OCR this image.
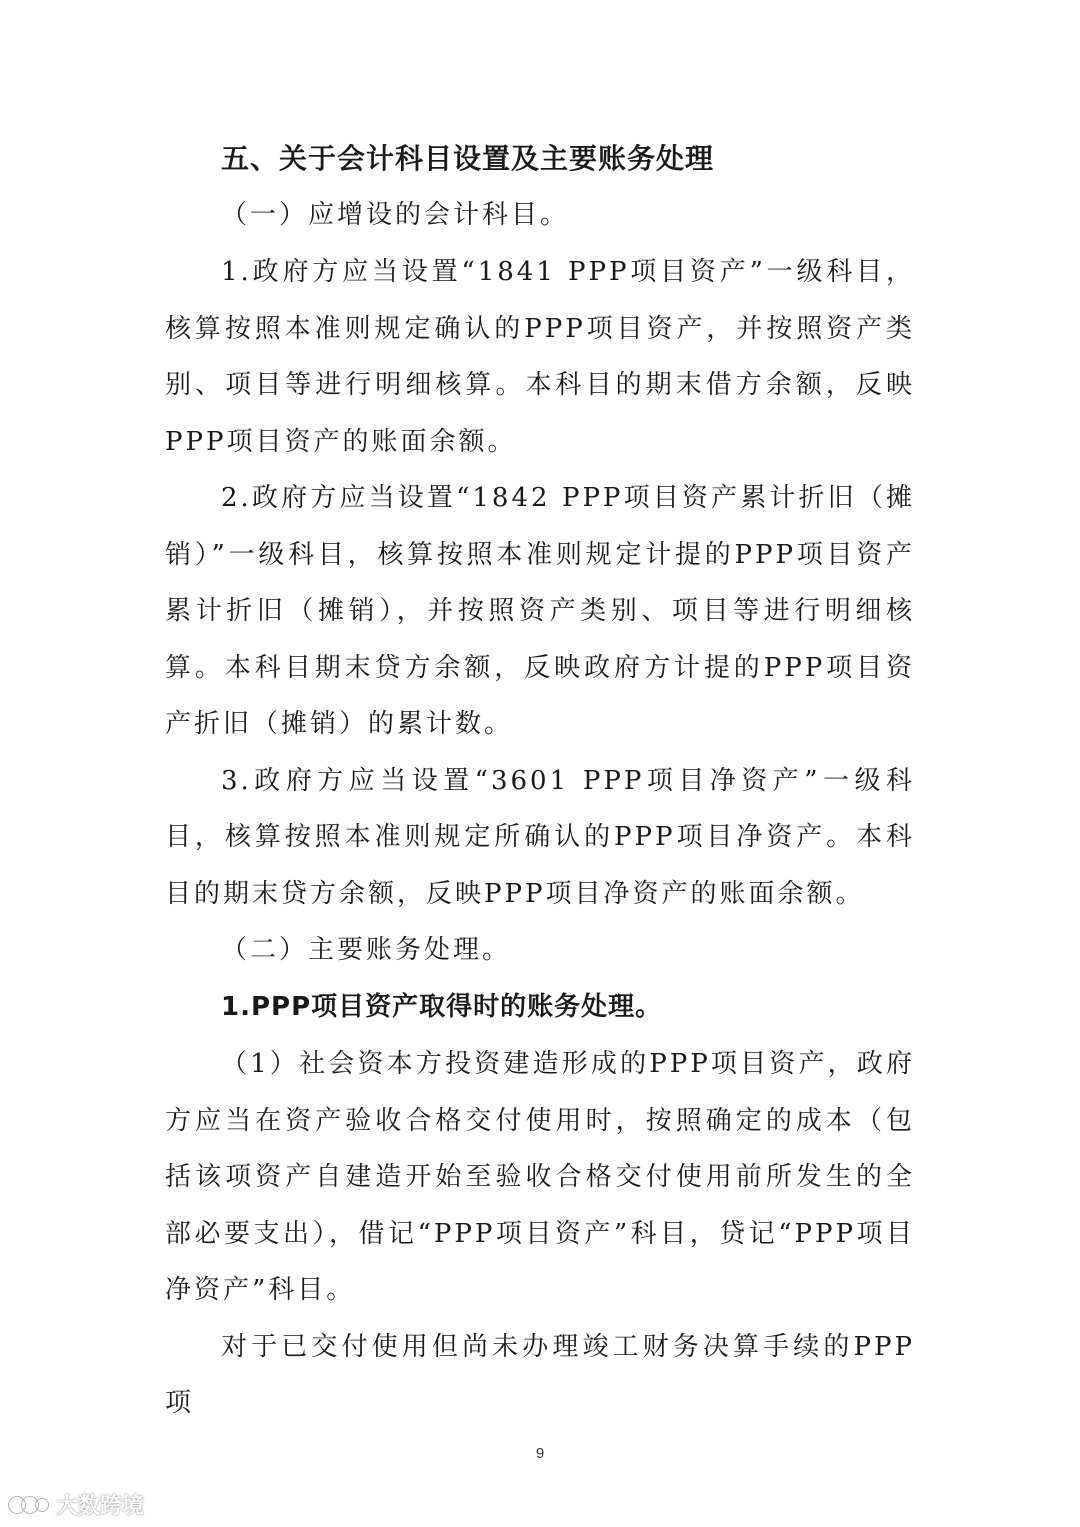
五、关于会计科目设置及主要账务处理

（一）应增设的会计科目。

1.政府方应当设置“1841 PPP项目资产”一级科目，核算按照本准则规定确认的PPP项目资产，并按照资产类别、项目等进行明细核算。本科目的期末借方余额，反映PPP项目资产的账面余额。

2.政府方应当设置“1842 PPP项目资产累计折旧（摊销）”一级科目，核算按照本准则规定计提的PPP项目资产累计折旧（摊销），并按照资产类别、项目等进行明细核算。本科目期末贷方余额，反映政府方计提的PPP项目资产折旧（摊销）的累计数。

3.政府方应当设置“3601 PPP项目净资产”一级科目，核算按照本准则规定所确认的PPP项目净资产。本科目的期末贷方余额，反映PPP项目净资产的账面余额。

（二）主要账务处理。

1.PPP项目资产取得时的账务处理。

（1）社会资本方投资建造形成的PPP项目资产，政府方应当在资产验收合格交付使用时，按照确定的成本（包括该项资产自建造开始至验收合格交付使用前所发生的全部必要支出），借记“PPP项目资产”科目，贷记“PPP项目净资产”科目。

对于已交付使用但尚未办理竣工财务决算手续的PPP项

9
大数跨境
